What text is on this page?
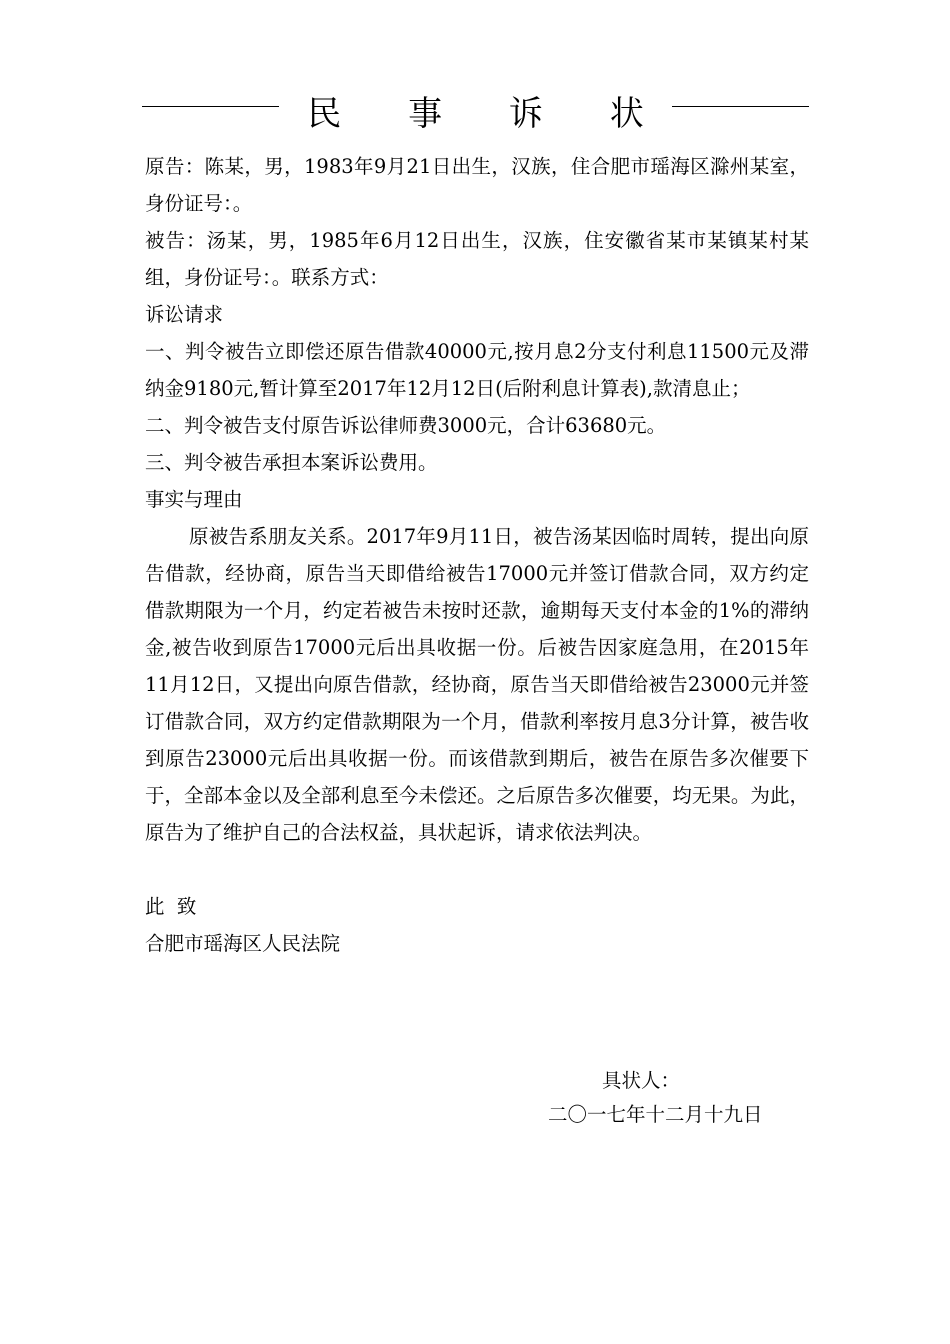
民 事 诉 状

原告：陈某，男，1983年9月21日出生，汉族，住合肥市瑶海区滁州某室，身份证号：。

被告：汤某，男，1985年6月12日出生，汉族，住安徽省某市某镇某村某组，身份证号：。联系方式：

诉讼请求

一、判令被告立即偿还原告借款40000元,按月息2分支付利息11500元及滞纳金9180元,暂计算至2017年12月12日(后附利息计算表),款清息止；

二、判令被告支付原告诉讼律师费3000元，合计63680元。

三、判令被告承担本案诉讼费用。

事实与理由

原被告系朋友关系。2017年9月11日，被告汤某因临时周转，提出向原告借款，经协商，原告当天即借给被告17000元并签订借款合同，双方约定借款期限为一个月，约定若被告未按时还款，逾期每天支付本金的1%的滞纳金,被告收到原告17000元后出具收据一份。后被告因家庭急用，在2015年11月12日，又提出向原告借款，经协商，原告当天即借给被告23000元并签订借款合同，双方约定借款期限为一个月，借款利率按月息3分计算，被告收到原告23000元后出具收据一份。而该借款到期后，被告在原告多次催要下于，全部本金以及全部利息至今未偿还。之后原告多次催要，均无果。为此，原告为了维护自己的合法权益，具状起诉，请求依法判决。

此  致

合肥市瑶海区人民法院

具状人：
二〇一七年十二月十九日
